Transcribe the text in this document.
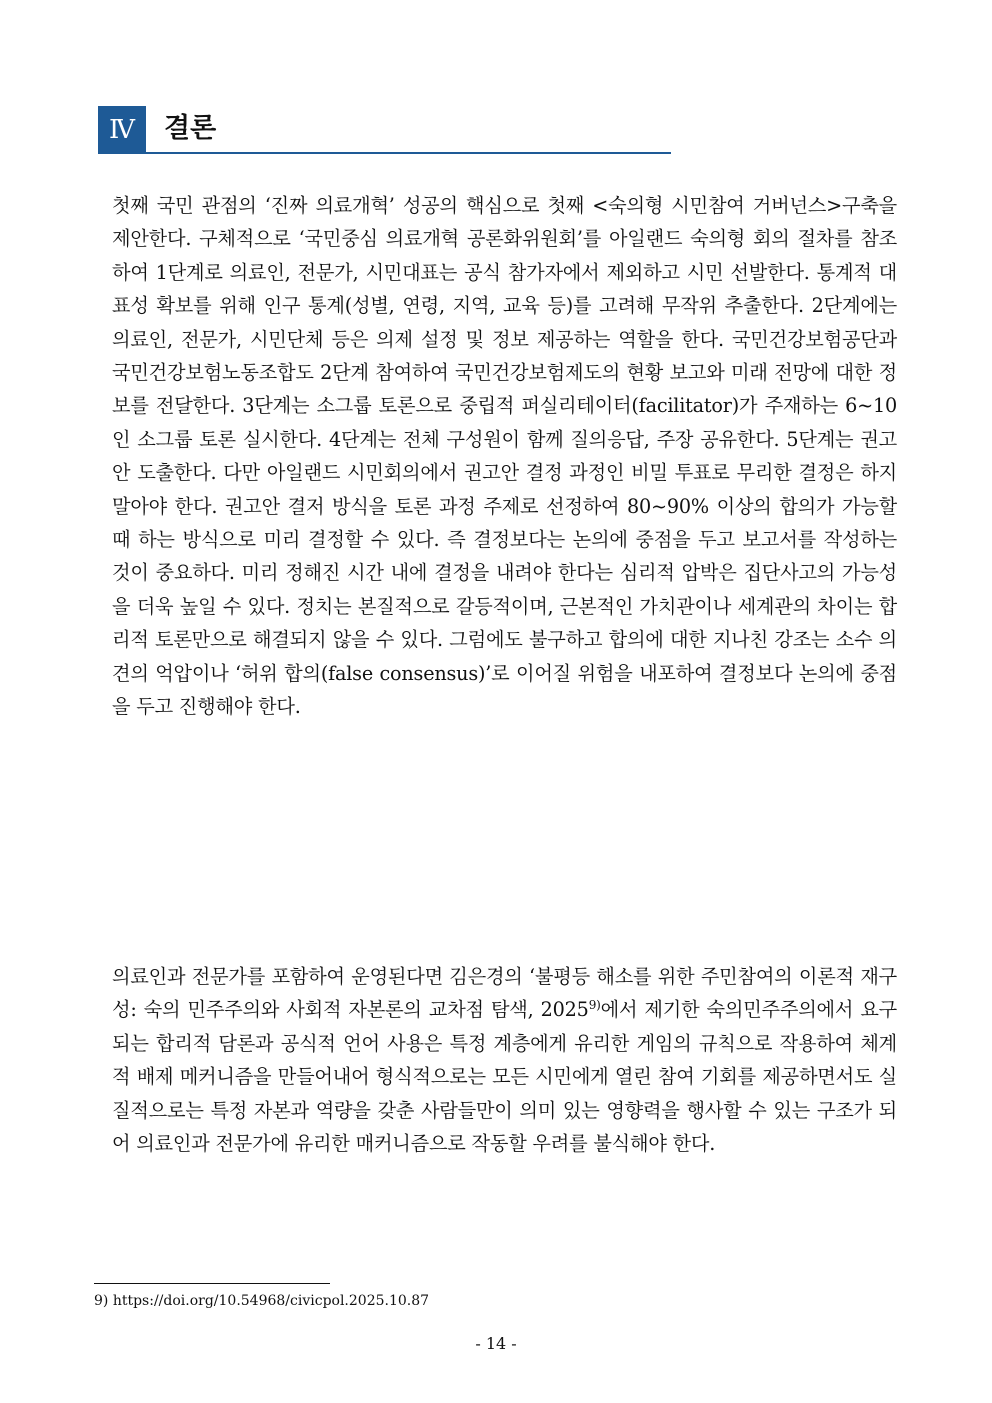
Ⅳ	결론

첫째 국민 관점의 ‘진짜 의료개혁’ 성공의 핵심으로 첫째 <숙의형 시민참여 거버넌스>구축을 제안한다. 구체적으로 ‘국민중심 의료개혁 공론화위원회’를 아일랜드 숙의형 회의 절차를 참조하여 1단계로 의료인, 전문가, 시민대표는 공식 참가자에서 제외하고 시민 선발한다. 통계적 대표성 확보를 위해 인구 통계(성별, 연령, 지역, 교육 등)를 고려해 무작위 추출한다. 2단계에는 의료인, 전문가, 시민단체 등은 의제 설정 및 정보 제공하는 역할을 한다. 국민건강보험공단과 국민건강보험노동조합도 2단계 참여하여 국민건강보험제도의 현황 보고와 미래 전망에 대한 정보를 전달한다. 3단계는 소그룹 토론으로 중립적 퍼실리테이터(facilitator)가 주재하는 6~10인 소그룹 토론 실시한다. 4단계는 전체 구성원이 함께 질의응답, 주장 공유한다. 5단계는 권고안 도출한다. 다만 아일랜드 시민회의에서 권고안 결정 과정인 비밀 투표로 무리한 결정은 하지 말아야 한다. 권고안 결저 방식을 토론 과정 주제로 선정하여 80∼90% 이상의 합의가 가능할 때 하는 방식으로 미리 결정할 수 있다. 즉 결정보다는 논의에 중점을 두고 보고서를 작성하는 것이 중요하다. 미리 정해진 시간 내에 결정을 내려야 한다는 심리적 압박은 집단사고의 가능성을 더욱 높일 수 있다. 정치는 본질적으로 갈등적이며, 근본적인 가치관이나 세계관의 차이는 합리적 토론만으로 해결되지 않을 수 있다. 그럼에도 불구하고 합의에 대한 지나친 강조는 소수 의견의 억압이나 ‘허위 합의(false consensus)’로 이어질 위험을 내포하여 결정보다 논의에 중점을 두고 진행해야 한다.

의료인과 전문가를 포함하여 운영된다면 김은경의 ‘불평등 해소를 위한 주민참여의 이론적 재구성: 숙의 민주주의와 사회적 자본론의 교차점 탐색, 2025$^{9)}$에서 제기한 숙의민주주의에서 요구되는 합리적 담론과 공식적 언어 사용은 특정 계층에게 유리한 게임의 규칙으로 작용하여 체계적 배제 메커니즘을 만들어내어 형식적으로는 모든 시민에게 열린 참여 기회를 제공하면서도 실질적으로는 특정 자본과 역량을 갖춘 사람들만이 의미 있는 영향력을 행사할 수 있는 구조가 되어 의료인과 전문가에 유리한 매커니즘으로 작동할 우려를 불식해야 한다.

9) https://doi.org/10.54968/civicpol.2025.10.87
- 14 -
